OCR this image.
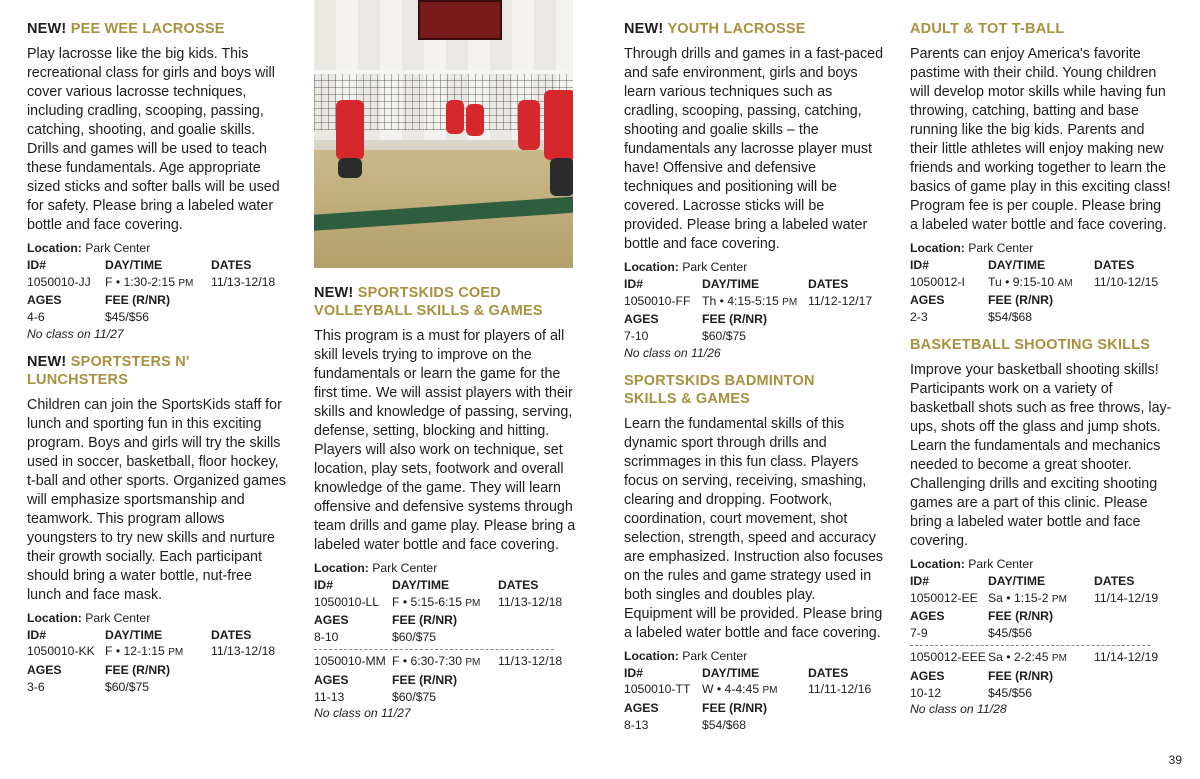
NEW! PEE WEE LACROSSE
Play lacrosse like the big kids. This recreational class for girls and boys will cover various lacrosse techniques, including cradling, scooping, passing, catching, shooting, and goalie skills. Drills and games will be used to teach these fundamentals. Age appropriate sized sticks and softer balls will be used for safety. Please bring a labeled water bottle and face covering.
Location: Park Center
ID#	DAY/TIME	DATES
1050010-JJ	F • 1:30-2:15 PM	11/13-12/18
AGES	FEE (R/NR)
4-6	$45/$56
No class on 11/27
NEW! SPORTSTERS N' LUNCHSTERS
Children can join the SportsKids staff for lunch and sporting fun in this exciting program. Boys and girls will try the skills used in soccer, basketball, floor hockey, t-ball and other sports. Organized games will emphasize sportsmanship and teamwork. This program allows youngsters to try new skills and nurture their growth socially. Each participant should bring a water bottle, nut-free lunch and face mask.
Location: Park Center
ID#	DAY/TIME	DATES
1050010-KK F • 12-1:15 PM	11/13-12/18
AGES	FEE (R/NR)
3-6	$60/$75
NEW! SPORTSKIDS COED
VOLLEYBALL SKILLS & GAMES
This program is a must for players of all skill levels trying to improve on the fundamentals or learn the game for the first time. We will assist players with their skills and knowledge of passing, serving, defense, setting, blocking and hitting. Players will also work on technique, set location, play sets, footwork and overall knowledge of the game. They will learn offensive and defensive systems through team drills and game play. Please bring a labeled water bottle and face covering.
Location: Park Center
ID#	DAY/TIME	DATES
1050010-LL	F • 5:15-6:15 PM	11/13-12/18
AGES	FEE (R/NR)
8-10	$60/$75
1050010-MM F • 6:30-7:30 PM	11/13-12/18
AGES	FEE (R/NR)
11-13	$60/$75
No class on 11/27
NEW! YOUTH LACROSSE
Through drills and games in a fast-paced and safe environment, girls and boys learn various techniques such as cradling, scooping, passing, catching, shooting and goalie skills – the fundamentals any lacrosse player must have! Offensive and defensive techniques and positioning will be covered. Lacrosse sticks will be provided. Please bring a labeled water bottle and face covering.
Location: Park Center
ID#	DAY/TIME	DATES
1050010-FF Th • 4:15-5:15 PM 11/12-12/17
AGES	FEE (R/NR)
7-10	$60/$75
No class on 11/26
SPORTSKIDS BADMINTON
SKILLS & GAMES
Learn the fundamental skills of this dynamic sport through drills and scrimmages in this fun class. Players focus on serving, receiving, smashing, clearing and dropping. Footwork, coordination, court movement, shot selection, strength, speed and accuracy are emphasized. Instruction also focuses on the rules and game strategy used in both singles and doubles play. Equipment will be provided. Please bring a labeled water bottle and face covering.
Location: Park Center
ID#	DAY/TIME	DATES
1050010-TT W • 4-4:45 PM	11/11-12/16
AGES	FEE (R/NR)
8-13	$54/$68
ADULT & TOT T-BALL
Parents can enjoy America's favorite pastime with their child. Young children will develop motor skills while having fun throwing, catching, batting and base running like the big kids. Parents and their little athletes will enjoy making new friends and working together to learn the basics of game play in this exciting class! Program fee is per couple. Please bring a labeled water bottle and face covering.
Location: Park Center
ID#	DAY/TIME	DATES
1050012-I	Tu • 9:15-10 AM	11/10-12/15
AGES	FEE (R/NR)
2-3	$54/$68
BASKETBALL SHOOTING SKILLS
Improve your basketball shooting skills! Participants work on a variety of basketball shots such as free throws, lay-ups, shots off the glass and jump shots. Learn the fundamentals and mechanics needed to become a great shooter. Challenging drills and exciting shooting games are a part of this clinic. Please bring a labeled water bottle and face covering.
Location: Park Center
ID#	DAY/TIME	DATES
1050012-EE Sa • 1:15-2 PM	11/14-12/19
AGES	FEE (R/NR)
7-9	$45/$56
1050012-EEE Sa • 2-2:45 PM	11/14-12/19
AGES	FEE (R/NR)
10-12	$45/$56
No class on 11/28
39
